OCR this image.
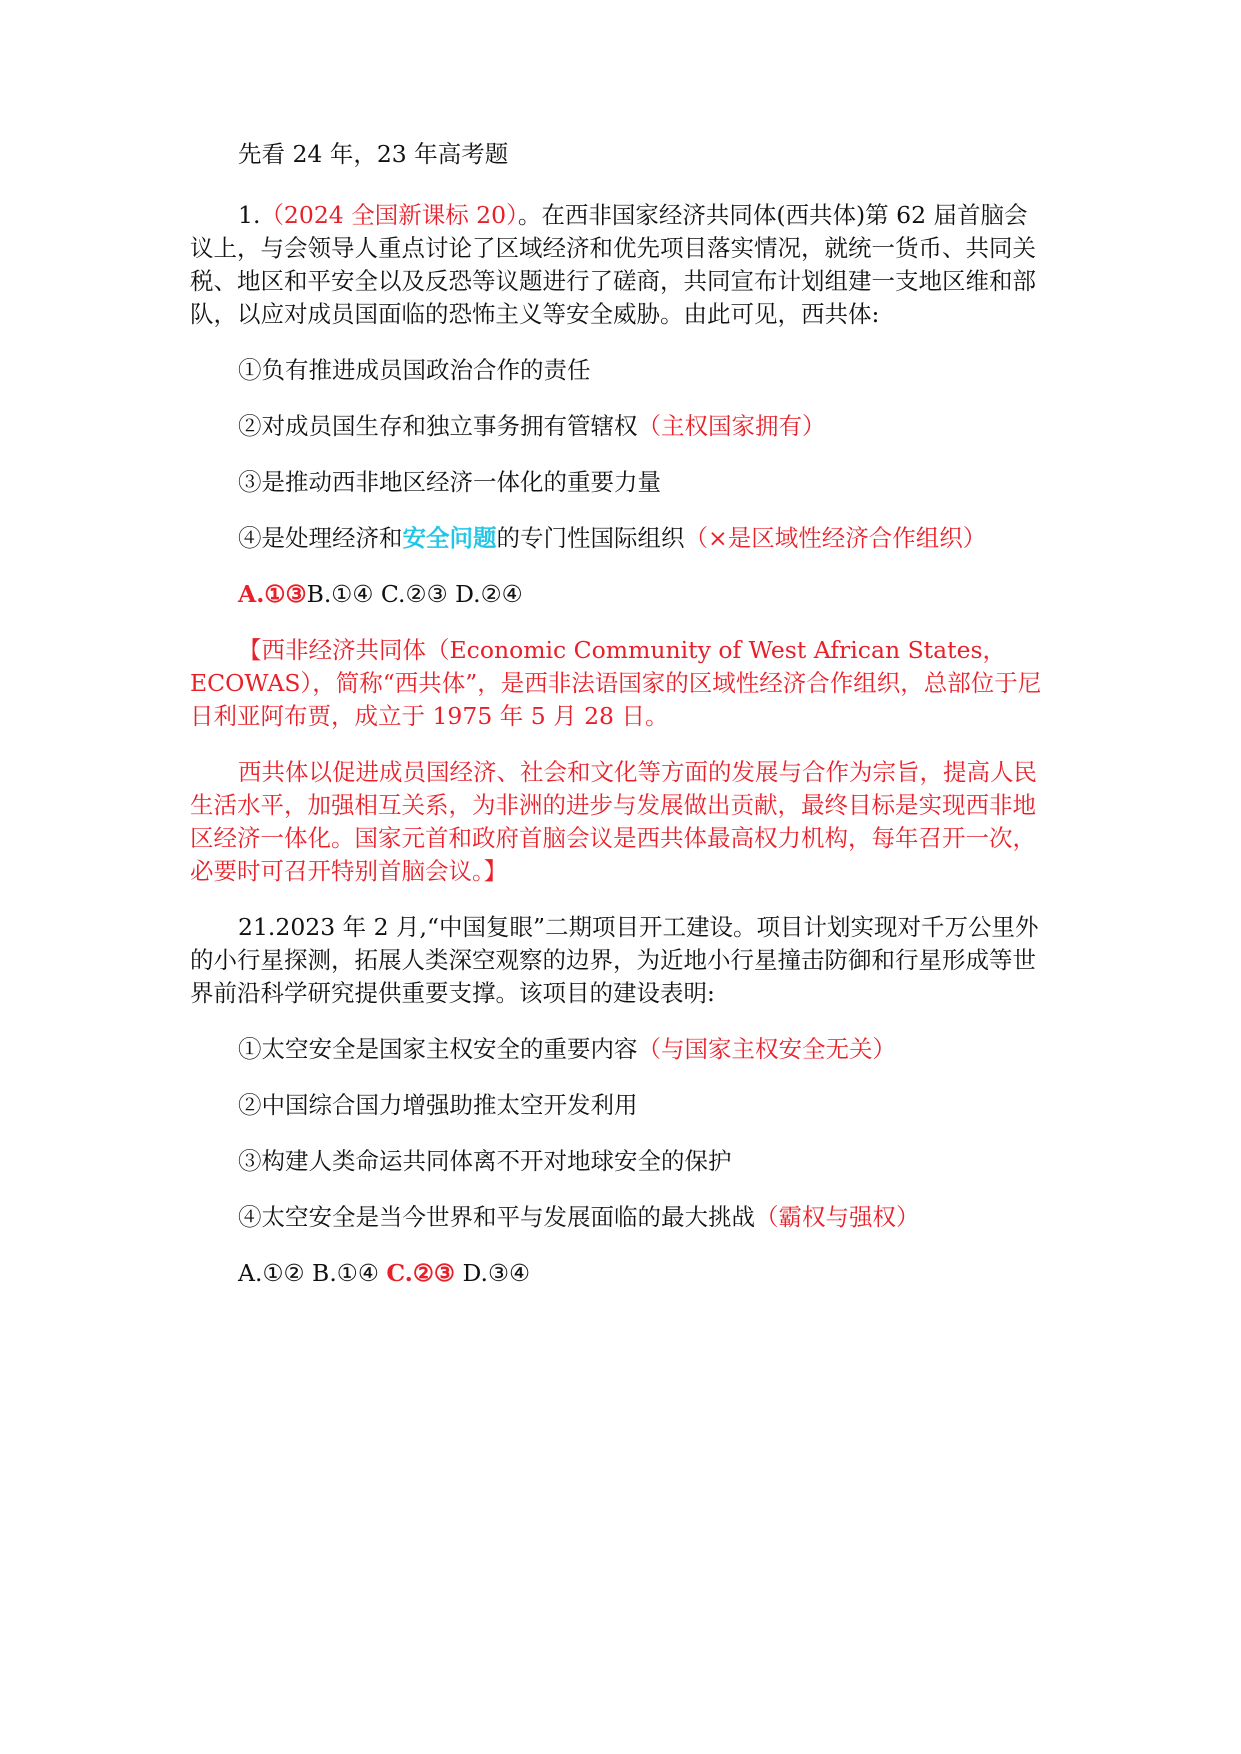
先看 24 年，23 年高考题

1.（2024 全国新课标 20）。在西非国家经济共同体(西共体)第 62 届首脑会议上，与会领导人重点讨论了区域经济和优先项目落实情况，就统一货币、共同关税、地区和平安全以及反恐等议题进行了磋商，共同宣布计划组建一支地区维和部队，以应对成员国面临的恐怖主义等安全威胁。由此可见，西共体:

①负有推进成员国政治合作的责任

②对成员国生存和独立事务拥有管辖权（主权国家拥有）

③是推动西非地区经济一体化的重要力量

④是处理经济和安全问题的专门性国际组织（×是区域性经济合作组织）

A.①③B.①④ C.②③ D.②④

【西非经济共同体（Economic Community of West African States，ECOWAS），简称“西共体”，是西非法语国家的区域性经济合作组织，总部位于尼日利亚阿布贾，成立于 1975 年 5 月 28 日。

西共体以促进成员国经济、社会和文化等方面的发展与合作为宗旨，提高人民生活水平，加强相互关系，为非洲的进步与发展做出贡献，最终目标是实现西非地区经济一体化。国家元首和政府首脑会议是西共体最高权力机构，每年召开一次，必要时可召开特别首脑会议。】

21.2023 年 2 月,“中国复眼”二期项目开工建设。项目计划实现对千万公里外的小行星探测，拓展人类深空观察的边界，为近地小行星撞击防御和行星形成等世界前沿科学研究提供重要支撑。该项目的建设表明:

①太空安全是国家主权安全的重要内容（与国家主权安全无关）

②中国综合国力增强助推太空开发利用

③构建人类命运共同体离不开对地球安全的保护

④太空安全是当今世界和平与发展面临的最大挑战（霸权与强权）

A.①② B.①④ C.②③ D.③④
